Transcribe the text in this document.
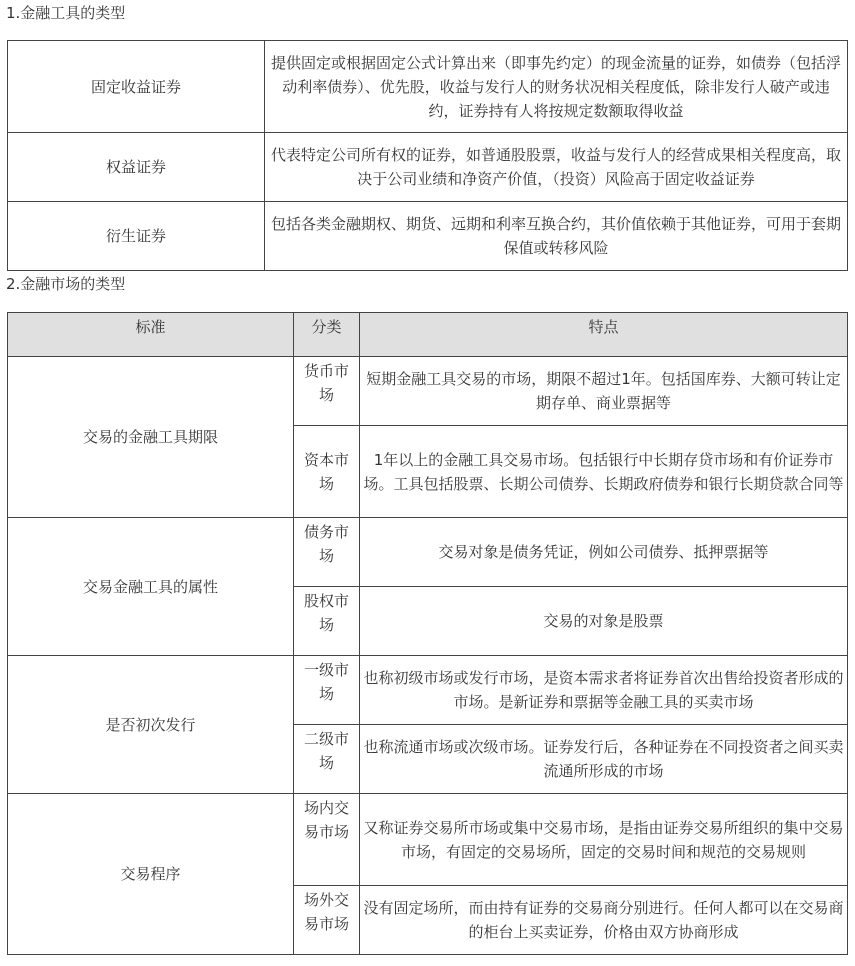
1.金融工具的类型
固定收益证券	提供固定或根据固定公式计算出来（即事先约定）的现金流量的证券，如债券（包括浮动利率债券）、优先股，收益与发行人的财务状况相关程度低，除非发行人破产或违约，证券持有人将按规定数额取得收益
权益证券	代表特定公司所有权的证券，如普通股股票，收益与发行人的经营成果相关程度高，取决于公司业绩和净资产价值，（投资）风险高于固定收益证券
衍生证券	包括各类金融期权、期货、远期和利率互换合约，其价值依赖于其他证券，可用于套期保值或转移风险
2.金融市场的类型
标准	分类	特点
交易的金融工具期限	货币市场	短期金融工具交易的市场，期限不超过1年。包括国库券、大额可转让定期存单、商业票据等
	资本市场	1年以上的金融工具交易市场。包括银行中长期存贷市场和有价证券市场。工具包括股票、长期公司债券、长期政府债券和银行长期贷款合同等
交易金融工具的属性	债务市场	交易对象是债务凭证，例如公司债券、抵押票据等
	股权市场	交易的对象是股票
是否初次发行	一级市场	也称初级市场或发行市场，是资本需求者将证券首次出售给投资者形成的市场。是新证券和票据等金融工具的买卖市场
	二级市场	也称流通市场或次级市场。证券发行后，各种证券在不同投资者之间买卖流通所形成的市场
交易程序	场内交易市场	又称证券交易所市场或集中交易市场，是指由证券交易所组织的集中交易市场，有固定的交易场所，固定的交易时间和规范的交易规则
	场外交易市场	没有固定场所，而由持有证券的交易商分别进行。任何人都可以在交易商的柜台上买卖证券，价格由双方协商形成
